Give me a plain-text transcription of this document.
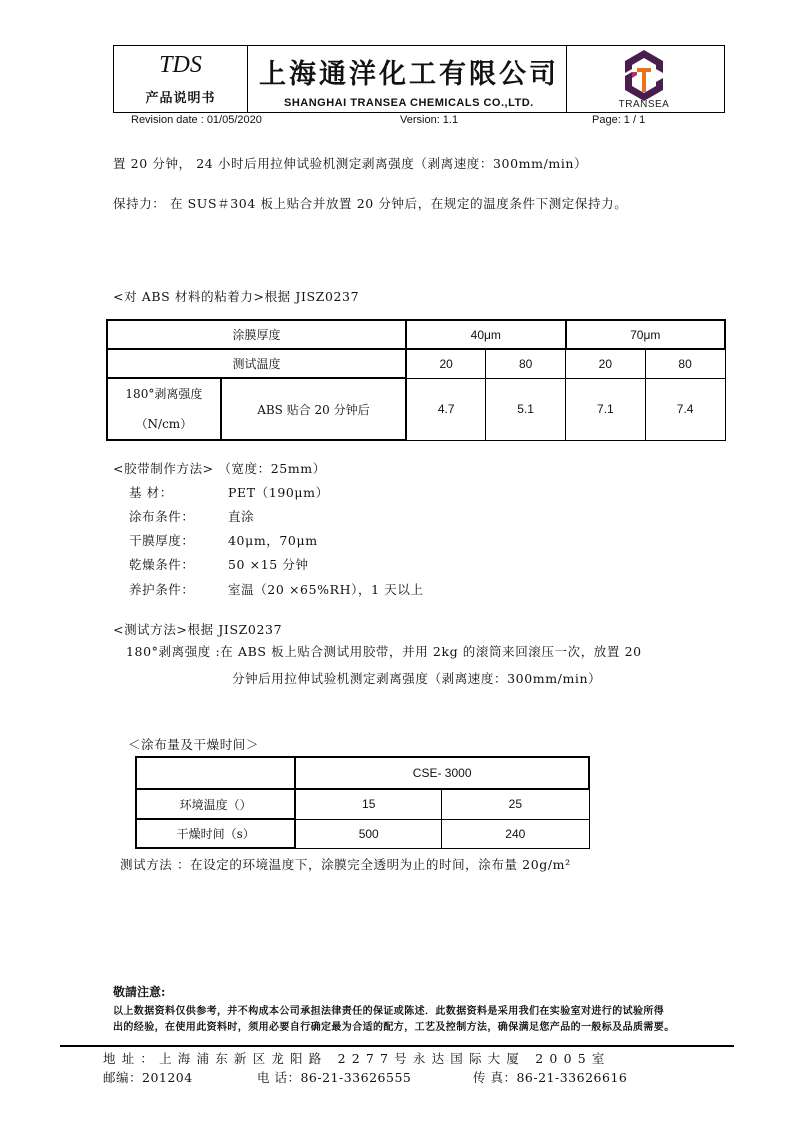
TDS
产品说明书
上海通洋化工有限公司
SHANGHAI TRANSEA CHEMICALS CO.,LTD.	TRANSEA
Revision date : 01/05/2020	Version: 1.1	Page: 1 / 1
置 20 分钟， 24 小时后用拉伸试验机测定剥离强度（剥离速度：300mm/min）
保持力： 在 SUS＃304 板上贴合并放置 20 分钟后，在规定的温度条件下测定保持力。
<对 ABS 材料的粘着力>根据 JISZ0237
涂膜厚度		40μm		70μm	
测试温度		20	80	20	80
180°剥离强度
（N/cm）	ABS 贴合 20 分钟后	4.7	5.1	7.1	7.4
<胶带制作方法> （宽度：25mm）
基 材：	PET（190μm）
涂布条件：	直涂
干膜厚度：	40μm，70μm
乾燥条件：	50 ×15 分钟
养护条件：	室温（20 ×65%RH），1 天以上
<测试方法>根据 JISZ0237
180°剥离强度 :在 ABS 板上贴合测试用胶带，并用 2kg 的滚筒来回滚压一次，放置 20
分钟后用拉伸试验机测定剥离强度（剥离速度：300mm/min）
＜涂布量及干燥时间＞
	CSE- 3000	
环境温度（）	15	25
干燥时间（s）	500	240
测试方法 ：在设定的环境温度下，涂膜完全透明为止的时间，涂布量 20g/m²
敬請注意:
以上数据资料仅供参考，并不构成本公司承担法律责任的保证或陈述．此数据资料是采用我们在实验室对进行的试验所得
出的经验，在使用此资料时，须用必要自行确定最为合适的配方，工艺及控制方法，确保满足您产品的一般标及品质需要。
地址：上海浦东新区龙阳路 2277号永达国际大厦 2005室
邮编：201204	电 话：86-21-33626555	传 真：86-21-33626616
